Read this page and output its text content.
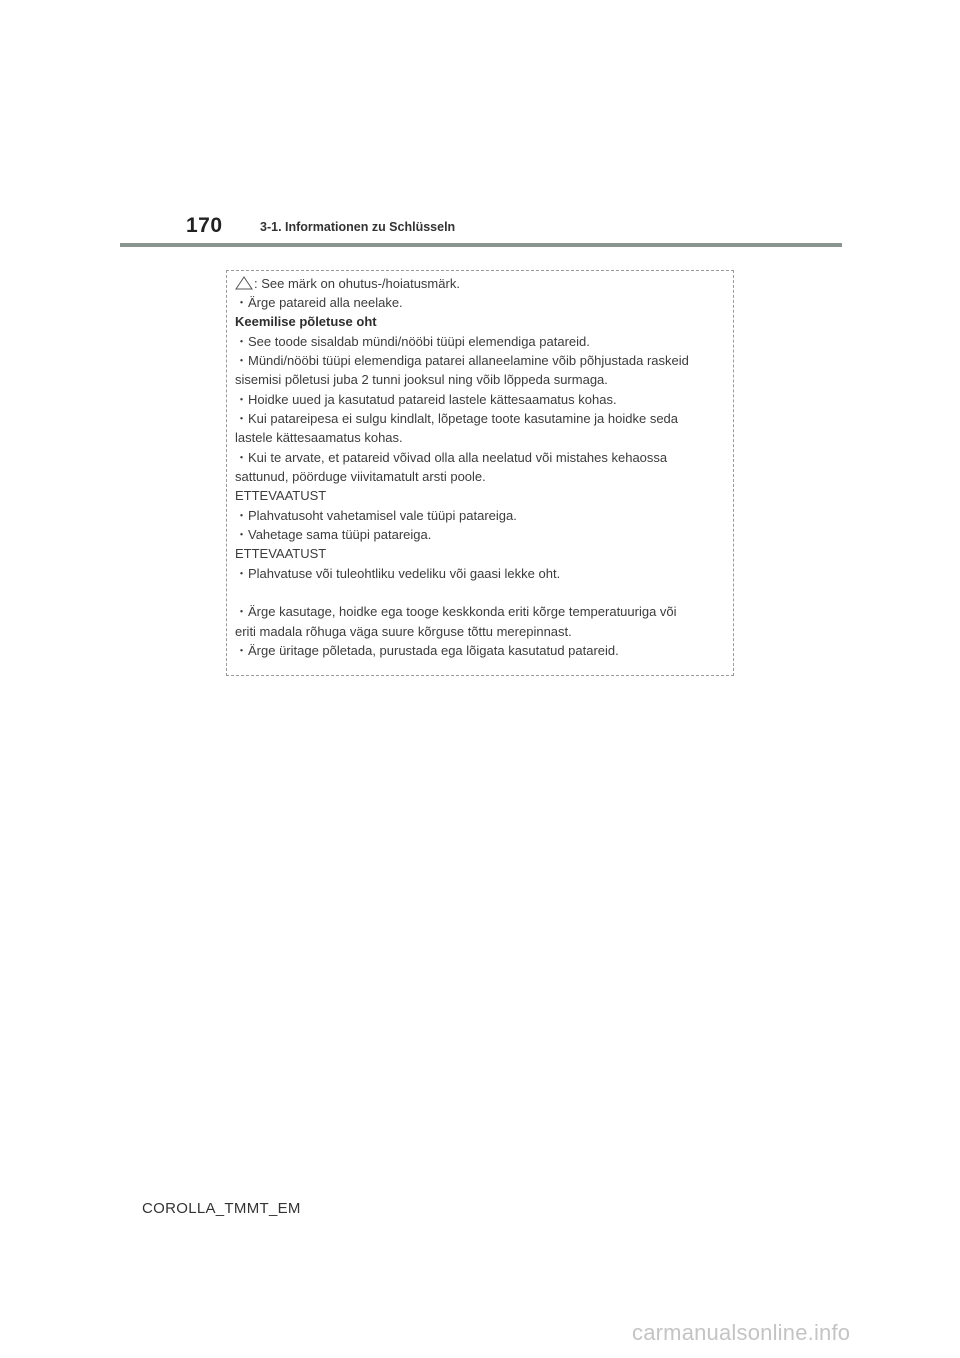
170	3-1. Informationen zu Schlüsseln
: See märk on ohutus-/hoiatusmärk.
・Ärge patareid alla neelake.
Keemilise põletuse oht
・See toode sisaldab mündi/nööbi tüüpi elemendiga patareid.
・Mündi/nööbi tüüpi elemendiga patarei allaneelamine võib põhjustada raskeid
sisemisi põletusi juba 2 tunni jooksul ning võib lõppeda surmaga.
・Hoidke uued ja kasutatud patareid lastele kättesaamatus kohas.
・Kui patareipesa ei sulgu kindlalt, lõpetage toote kasutamine ja hoidke seda
lastele kättesaamatus kohas.
・Kui te arvate, et patareid võivad olla alla neelatud või mistahes kehaossa
sattunud, pöörduge viivitamatult arsti poole.
ETTEVAATUST
・Plahvatusoht vahetamisel vale tüüpi patareiga.
・Vahetage sama tüüpi patareiga.
ETTEVAATUST
・Plahvatuse või tuleohtliku vedeliku või gaasi lekke oht.
・Ärge kasutage, hoidke ega tooge keskkonda eriti kõrge temperatuuriga või
eriti madala rõhuga väga suure kõrguse tõttu merepinnast.
・Ärge üritage põletada, purustada ega lõigata kasutatud patareid.
COROLLA_TMMT_EM
carmanualsonline.info
